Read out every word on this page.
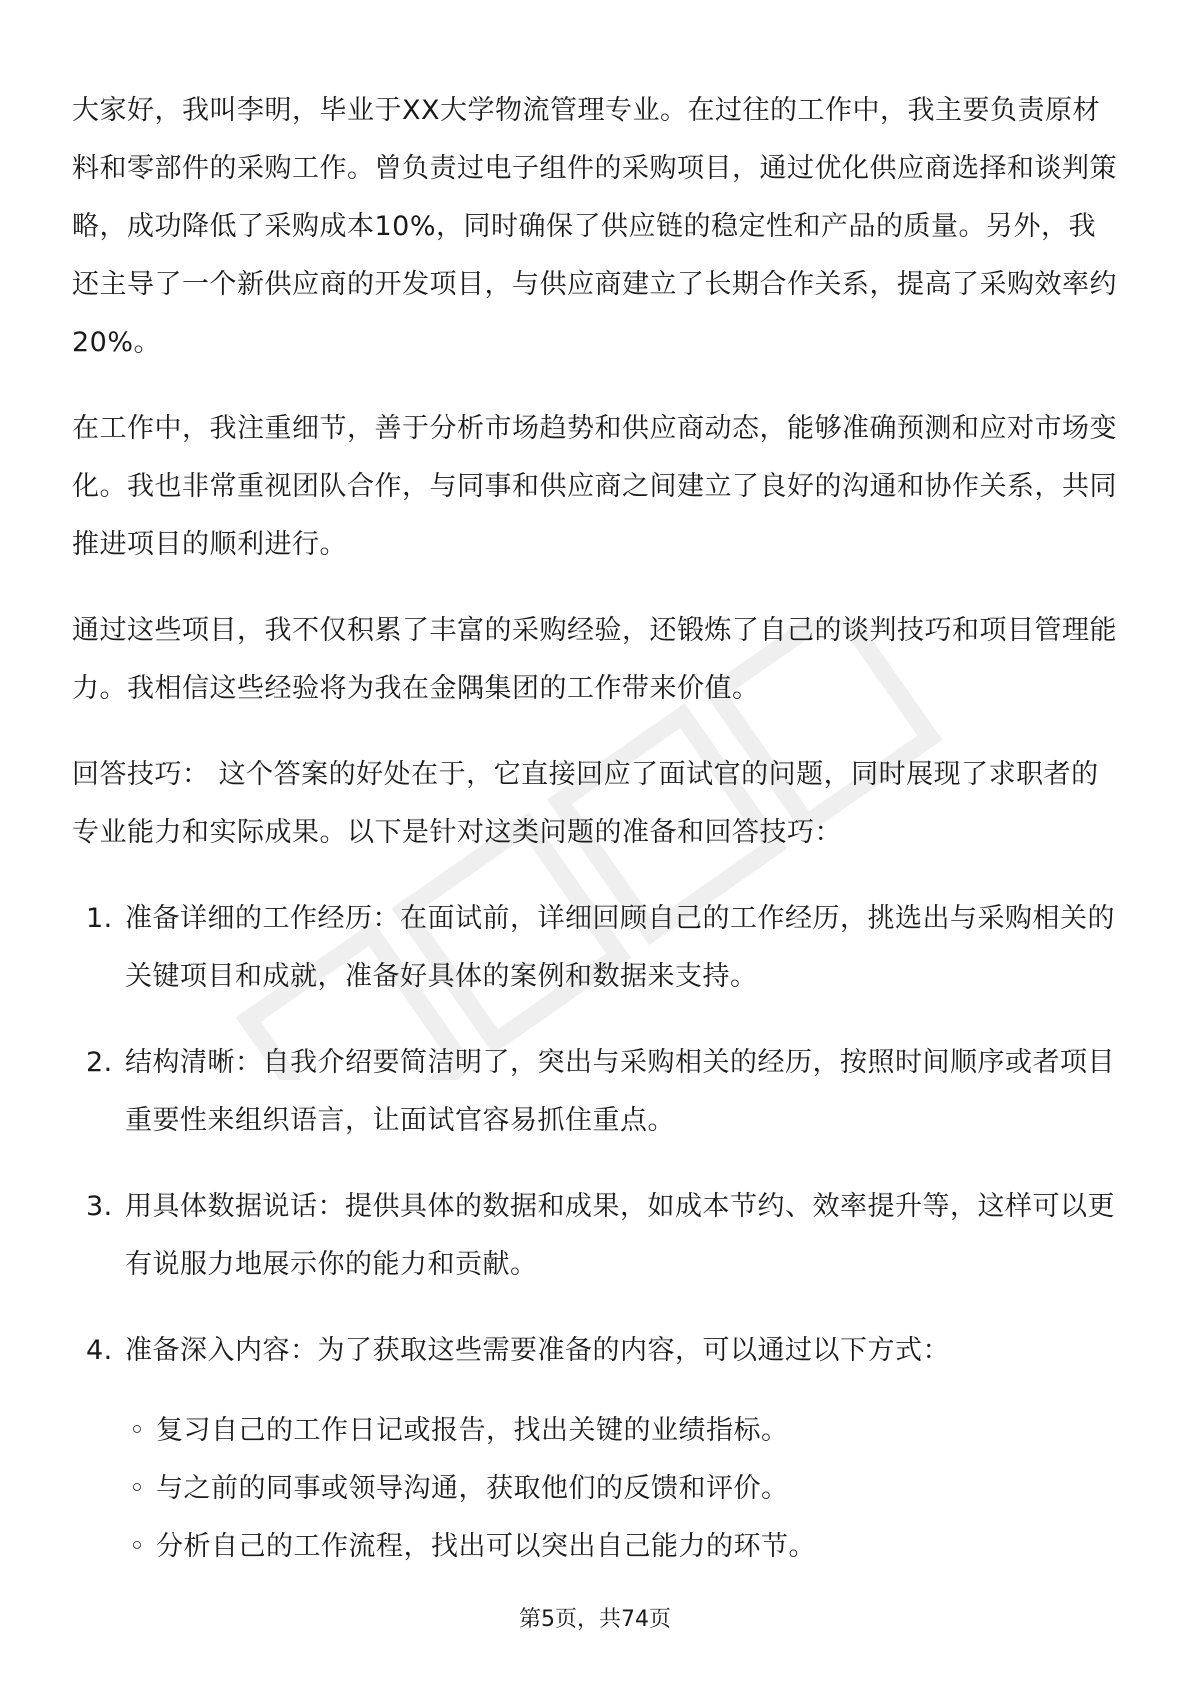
大家好，我叫李明，毕业于XX大学物流管理专业。在过往的工作中，我主要负责原材料和零部件的采购工作。曾负责过电子组件的采购项目，通过优化供应商选择和谈判策略，成功降低了采购成本10%，同时确保了供应链的稳定性和产品的质量。另外，我还主导了一个新供应商的开发项目，与供应商建立了长期合作关系，提高了采购效率约20%。

在工作中，我注重细节，善于分析市场趋势和供应商动态，能够准确预测和应对市场变化。我也非常重视团队合作，与同事和供应商之间建立了良好的沟通和协作关系，共同推进项目的顺利进行。

通过这些项目，我不仅积累了丰富的采购经验，还锻炼了自己的谈判技巧和项目管理能力。我相信这些经验将为我在金隅集团的工作带来价值。

回答技巧： 这个答案的好处在于，它直接回应了面试官的问题，同时展现了求职者的专业能力和实际成果。以下是针对这类问题的准备和回答技巧：

1. 准备详细的工作经历：在面试前，详细回顾自己的工作经历，挑选出与采购相关的关键项目和成就，准备好具体的案例和数据来支持。
2. 结构清晰：自我介绍要简洁明了，突出与采购相关的经历，按照时间顺序或者项目重要性来组织语言，让面试官容易抓住重点。
3. 用具体数据说话：提供具体的数据和成果，如成本节约、效率提升等，这样可以更有说服力地展示你的能力和贡献。
4. 准备深入内容：为了获取这些需要准备的内容，可以通过以下方式：
◦ 复习自己的工作日记或报告，找出关键的业绩指标。
◦ 与之前的同事或领导沟通，获取他们的反馈和评价。
◦ 分析自己的工作流程，找出可以突出自己能力的环节。
第5页，共74页
